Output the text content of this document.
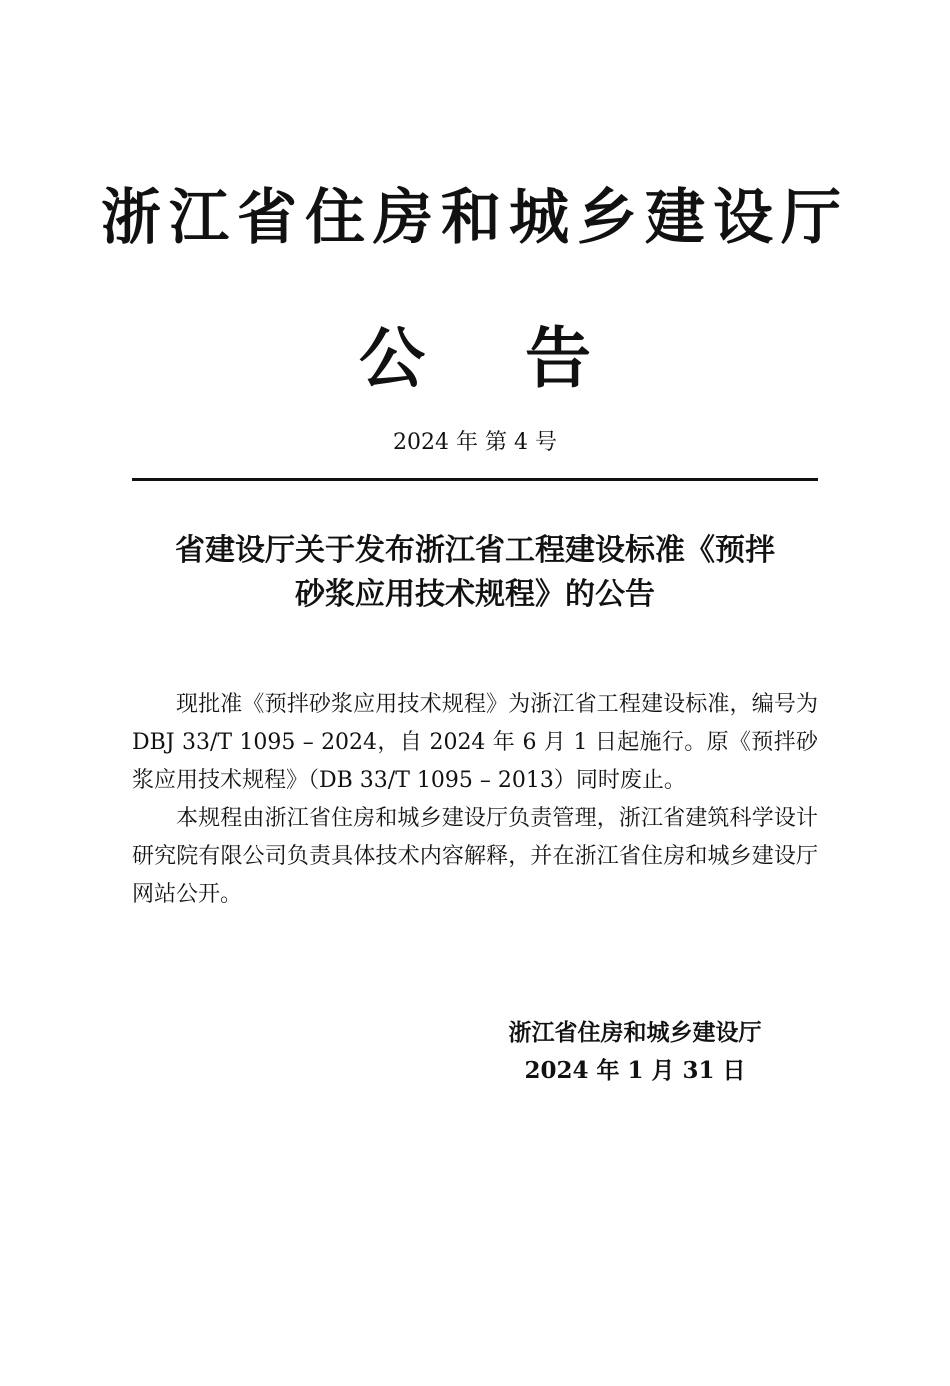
浙江省住房和城乡建设厅
公告
2024 年 第 4 号
省建设厅关于发布浙江省工程建设标准《预拌
砂浆应用技术规程》的公告

现批准《预拌砂浆应用技术规程》为浙江省工程建设标准，编号为 DBJ 33/T 1095 – 2024，自 2024 年 6 月 1 日起施行。原《预拌砂浆应用技术规程》（DB 33/T 1095 – 2013）同时废止。

本规程由浙江省住房和城乡建设厅负责管理，浙江省建筑科学设计研究院有限公司负责具体技术内容解释，并在浙江省住房和城乡建设厅网站公开。

浙江省住房和城乡建设厅
2024 年 1 月 31 日
